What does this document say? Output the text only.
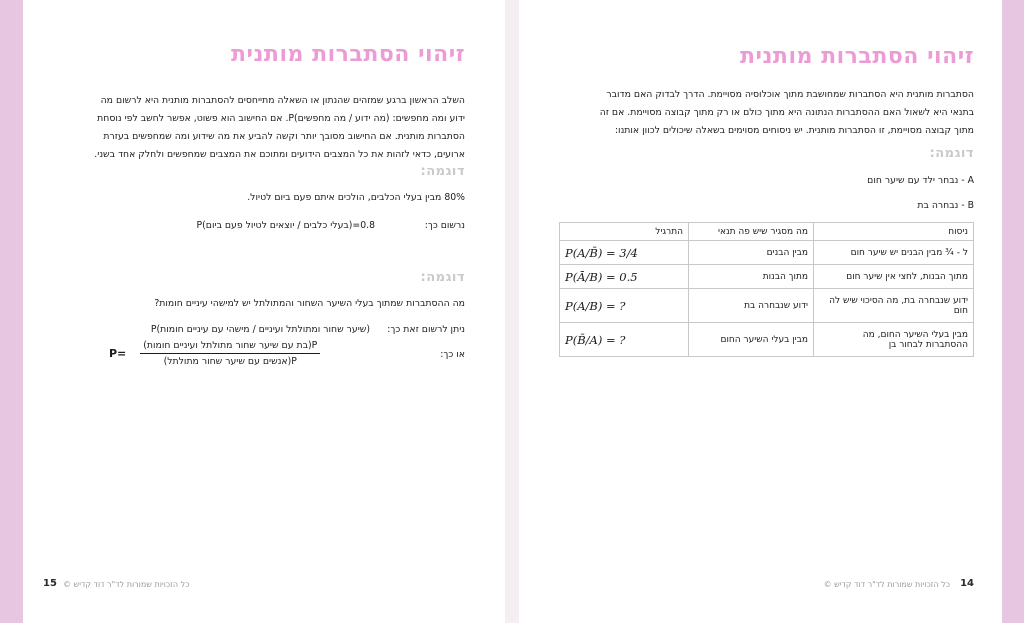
זיהוי הסתברות מותנית
השלב הראשון ברגע שמזהים שהנתון או השאלה מתייחסים להסתברות מותנית היא לרשום מה
ידוע ומה מחפשים: (מה ידוע / מה מחפשים)P. אם החישוב הוא פשוט, אפשר לחשב לפי נוסחת
הסתברות מותנית. אם החישוב מסובך יותר וקשה להביע את מה שידוע ומה שמחפשים בעזרת
ארועים, כדאי לזהות את כל המצבים הידועים ומתוכם את המצבים שמחפשים ולחלק אחד בשני.
דוגמה:
80% מבין בעלי הכלבים, הולכים איתם פעם ביום לטיול.
נרשום כך:
P(בעלי כלבים / יוצאים לטיול פעם ביום)=0.8
דוגמה:
מה ההסתברות שמתוך בעלי השיער השחור והמתולתל יש למישהי עיניים חומות?
ניתן לרשום זאת כך:
P(שיער שחור ומתולתל ועיניים / מישהי עם עיניים חומות)
או כך:
$P= \frac{\text{P(בת עם שיער שחור מתולתל ועיניים חומות)}}{\text{P(אנשים עם שיער שחור מתולתל)}}$
15 כל הזכויות שמורות לד"ר דוד קדיש ©
זיהוי הסתברות מותנית
הסתברות מותנית היא הסתברות שמחושבת מתוך אוכלוסיה מסויימת. הדרך לבדוק האם מדובר
בתנאי היא לשאול האם ההסתברות הנתונה היא מתוך כולם או רק מתוך קבוצה מסויימת. אם זה
מתוך קבוצה מסויימת, זו הסתברות מותנית. יש ניסוחים מסוימים בשאלה שיכולים לכוון אותנו:
דוגמה:
A - נבחר ילד עם שיער חום
B - נבחרה בת
ניסוח	מה מסגיר שיש פה תנאי	התרגיל
ל - ¾ מבין הבנים יש שיער חום	מבין הבנים	P(A/B̄) = 3/4
מתוך הבנות, לחצי אין שיער חום	מתוך הבנות	P(Ā/B) = 0.5
ידוע שנבחרה בת, מה הסיכוי שיש לה חום	ידוע שנבחרה בת	P(A/B) = ?
מבין בעלי השיער החום, מה ההסתברות לבחור בן	מבין בעלי השיער החום	P(B̄/A) = ?
14
כל הזכויות שמורות לד"ר דוד קדיש ©
